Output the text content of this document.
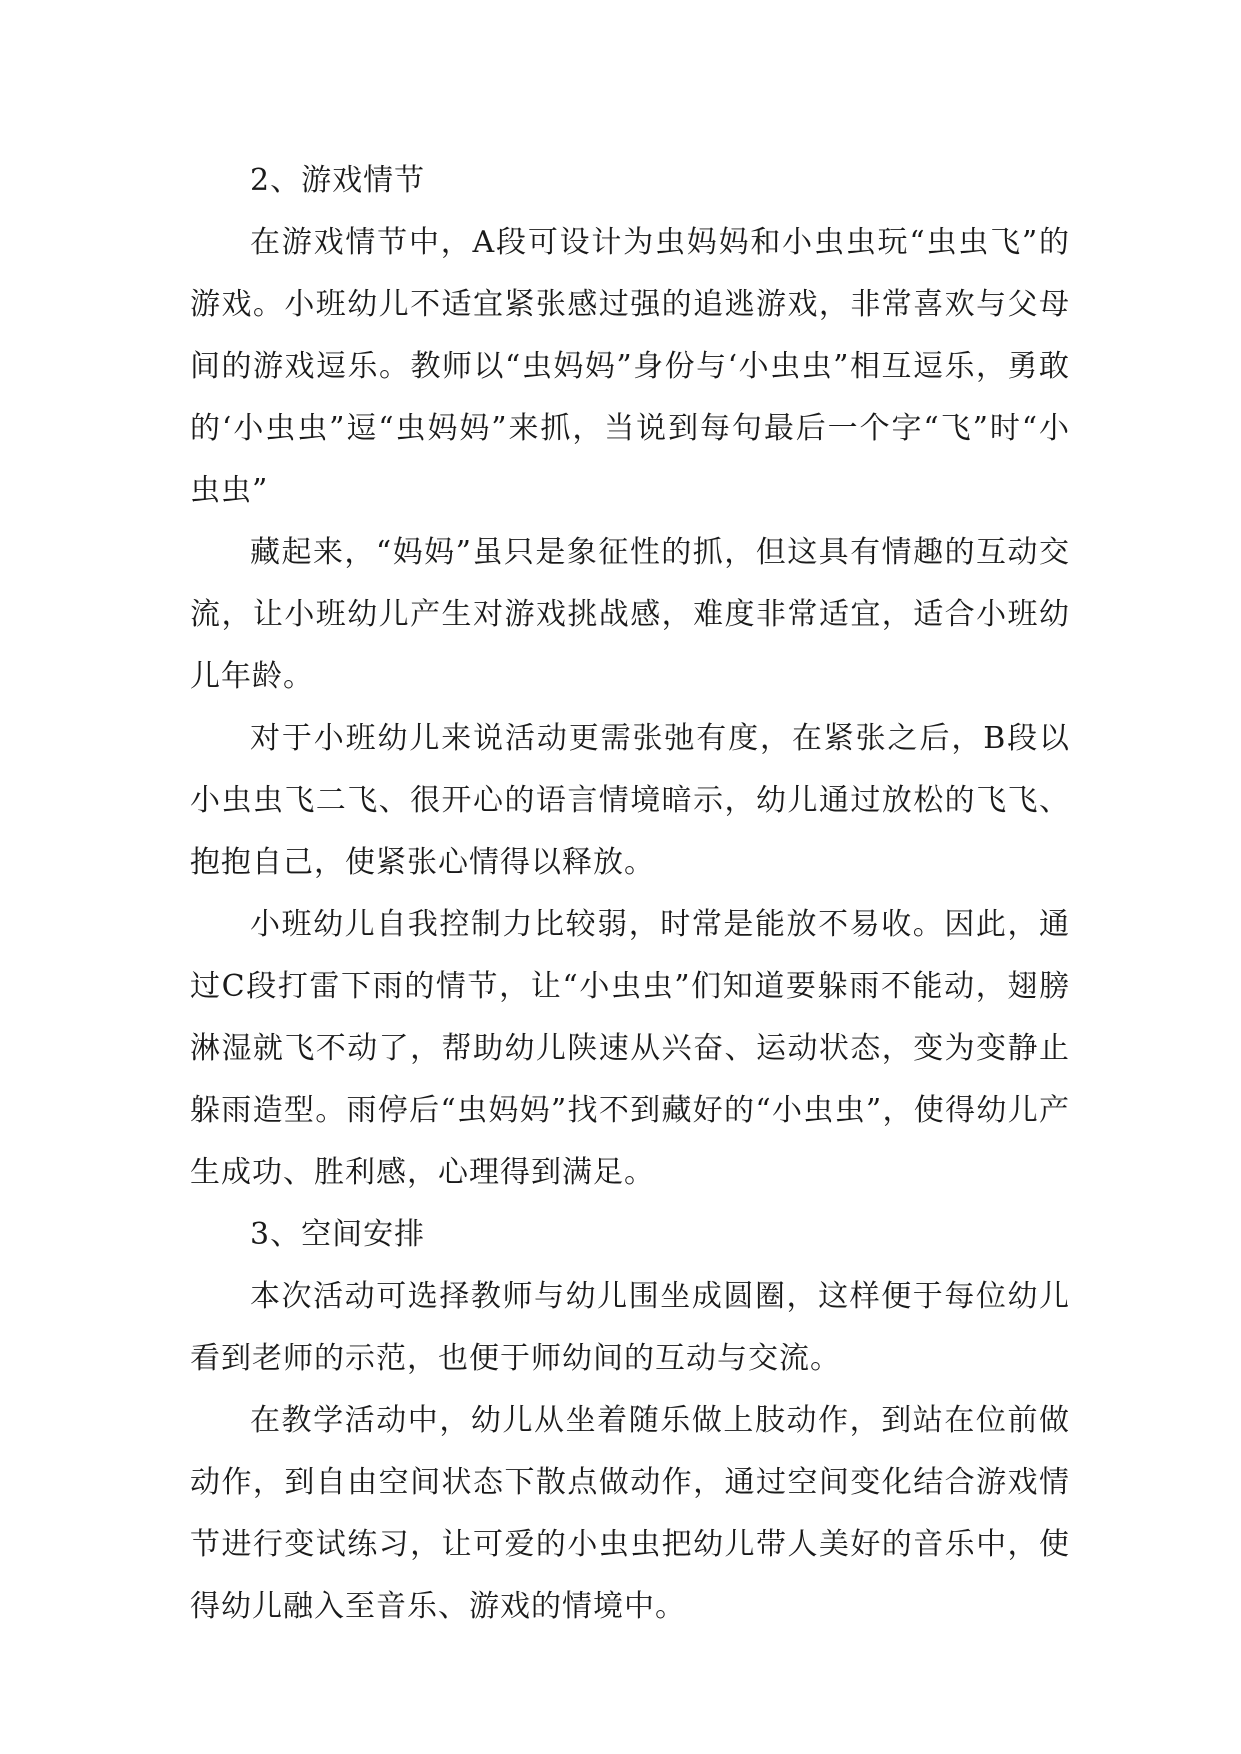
2、游戏情节

在游戏情节中，A段可设计为虫妈妈和小虫虫玩“虫虫飞”的游戏。小班幼儿不适宜紧张感过强的追逃游戏，非常喜欢与父母间的游戏逗乐。教师以“虫妈妈”身份与‘小虫虫”相互逗乐，勇敢的‘小虫虫”逗“虫妈妈”来抓，当说到每句最后一个字“飞”时“小虫虫”

藏起来，“妈妈”虽只是象征性的抓，但这具有情趣的互动交流，让小班幼儿产生对游戏挑战感，难度非常适宜，适合小班幼儿年龄。

对于小班幼儿来说活动更需张弛有度，在紧张之后，B段以小虫虫飞二飞、很开心的语言情境暗示，幼儿通过放松的飞飞、抱抱自己，使紧张心情得以释放。

小班幼儿自我控制力比较弱，时常是能放不易收。因此，通过C段打雷下雨的情节，让“小虫虫”们知道要躲雨不能动，翅膀淋湿就飞不动了，帮助幼儿陕速从兴奋、运动状态，变为变静止躲雨造型。雨停后“虫妈妈”找不到藏好的“小虫虫”，使得幼儿产生成功、胜利感，心理得到满足。

3、空间安排

本次活动可选择教师与幼儿围坐成圆圈，这样便于每位幼儿看到老师的示范，也便于师幼间的互动与交流。

在教学活动中，幼儿从坐着随乐做上肢动作，到站在位前做动作，到自由空间状态下散点做动作，通过空间变化结合游戏情节进行变试练习，让可爱的小虫虫把幼儿带人美好的音乐中，使得幼儿融入至音乐、游戏的情境中。
